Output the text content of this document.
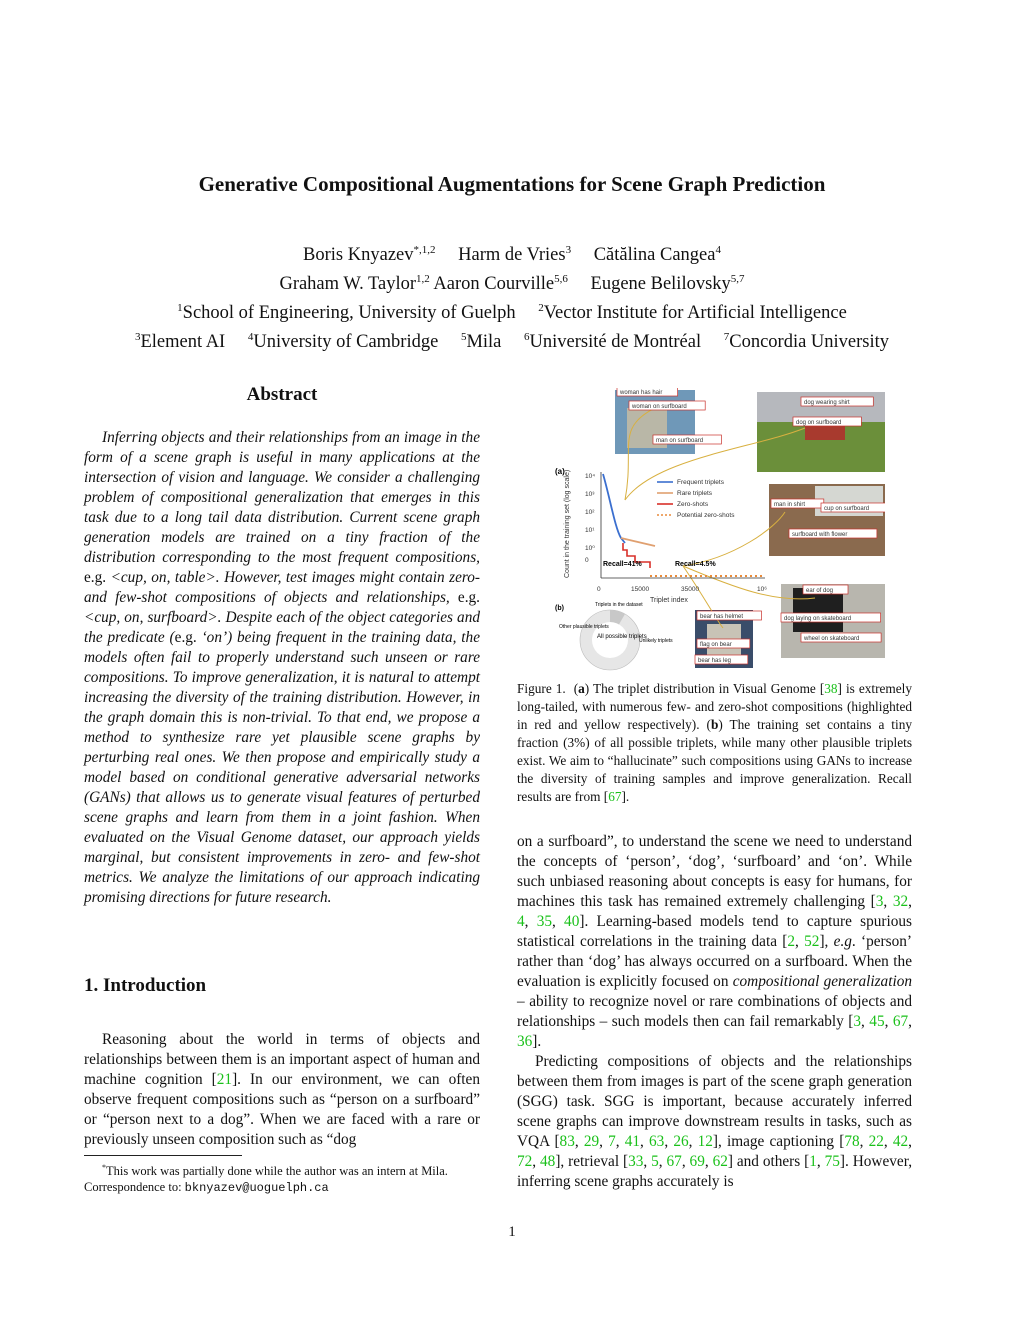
Generative Compositional Augmentations for Scene Graph Prediction
Boris Knyazev$^{*,1,2}$ Harm de Vries$^3$ Cătălina Cangea$^4$
Graham W. Taylor$^{1,2}$ Aaron Courville$^{5,6}$ Eugene Belilovsky$^{5,7}$
$^1$School of Engineering, University of Guelph $^2$Vector Institute for Artificial Intelligence
$^3$Element AI $^4$University of Cambridge $^5$Mila $^6$Université de Montréal $^7$Concordia University
Abstract
Inferring objects and their relationships from an image in the form of a scene graph is useful in many applications at the intersection of vision and language. We consider a challenging problem of compositional generalization that emerges in this task due to a long tail data distribution. Current scene graph generation models are trained on a tiny fraction of the distribution corresponding to the most frequent compositions, e.g. <cup, on, table>. However, test images might contain zero- and few-shot compositions of objects and relationships, e.g. <cup, on, surfboard>. Despite each of the object categories and the predicate (e.g. ‘on’) being frequent in the training data, the models often fail to properly understand such unseen or rare compositions. To improve generalization, it is natural to attempt increasing the diversity of the training distribution. However, in the graph domain this is non-trivial. To that end, we propose a method to synthesize rare yet plausible scene graphs by perturbing real ones. We then propose and empirically study a model based on conditional generative adversarial networks (GANs) that allows us to generate visual features of perturbed scene graphs and learn from them in a joint fashion. When evaluated on the Visual Genome dataset, our approach yields marginal, but consistent improvements in zero- and few-shot metrics. We analyze the limitations of our approach indicating promising directions for future research.
1. Introduction
Reasoning about the world in terms of objects and relationships between them is an important aspect of human and machine cognition [21]. In our environment, we can often observe frequent compositions such as “person on a surfboard” or “person next to a dog”. When we are faced with a rare or previously unseen composition such as “dog
*This work was partially done while the author was an intern at Mila.
Correspondence to: bknyazev@uoguelph.ca
(a) Count in the training set (log scale) 10⁴
10³
10²
10¹
10⁰
0
0	15000	35000	10⁶
Triplet index
Frequent triplets
Rare triplets
Zero-shots
Potential zero-shots
Recall=41%	Recall=4.5%
woman has hair
woman on surfboard
man on surfboard
dog wearing shirt
dog on surfboard
man in shirt
cup on surfboard
surfboard with flower
ear of dog
dog laying on skateboard
wheel on skateboard
bear has helmet
flag on bear
bear has leg
(b)	Triplets in the dataset
Other plausible triplets
All possible triplets
Unlikely triplets
Figure 1.  (a) The triplet distribution in Visual Genome [38] is extremely long-tailed, with numerous few- and zero-shot compositions (highlighted in red and yellow respectively). (b) The training set contains a tiny fraction (3%) of all possible triplets, while many other plausible triplets exist. We aim to “hallucinate” such compositions using GANs to increase the diversity of training samples and improve generalization. Recall results are from [67].

on a surfboard”, to understand the scene we need to understand the concepts of ‘person’, ‘dog’, ‘surfboard’ and ‘on’. While such unbiased reasoning about concepts is easy for humans, for machines this task has remained extremely challenging [3, 32, 4, 35, 40]. Learning-based models tend to capture spurious statistical correlations in the training data [2, 52], e.g. ‘person’ rather than ‘dog’ has always occurred on a surfboard. When the evaluation is explicitly focused on compositional generalization – ability to recognize novel or rare combinations of objects and relationships – such models then can fail remarkably [3, 45, 67, 36].

Predicting compositions of objects and the relationships between them from images is part of the scene graph generation (SGG) task. SGG is important, because accurately inferred scene graphs can improve downstream results in tasks, such as VQA [83, 29, 7, 41, 63, 26, 12], image captioning [78, 22, 42, 72, 48], retrieval [33, 5, 67, 69, 62] and others [1, 75]. However, inferring scene graphs accurately is

1
